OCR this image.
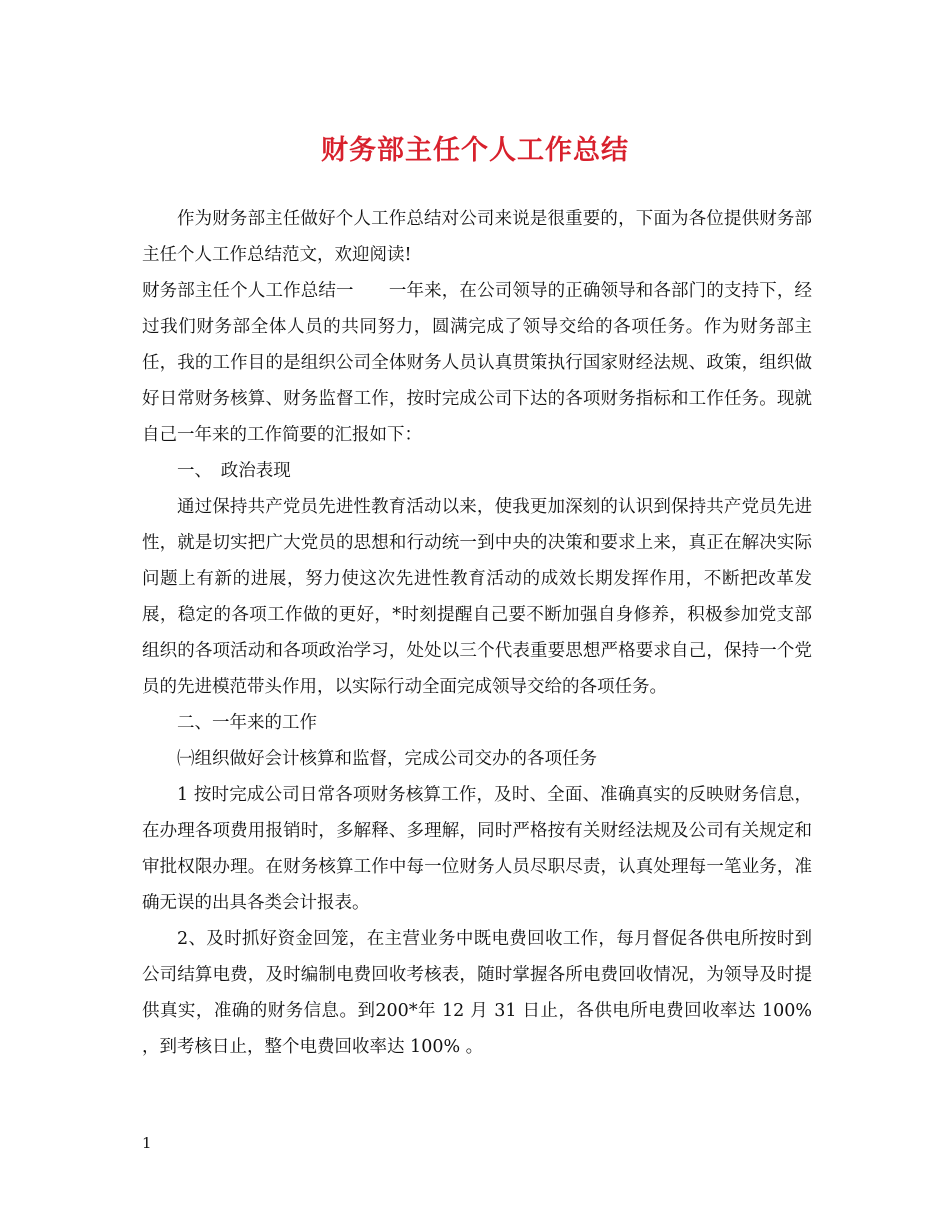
财务部主任个人工作总结

作为财务部主任做好个人工作总结对公司来说是很重要的，下面为各位提供财务部主任个人工作总结范文，欢迎阅读!

财务部主任个人工作总结一　　一年来，在公司领导的正确领导和各部门的支持下，经过我们财务部全体人员的共同努力，圆满完成了领导交给的各项任务。作为财务部主任，我的工作目的是组织公司全体财务人员认真贯策执行国家财经法规、政策，组织做好日常财务核算、财务监督工作，按时完成公司下达的各项财务指标和工作任务。现就自己一年来的工作简要的汇报如下：

一、　政治表现

通过保持共产党员先进性教育活动以来，使我更加深刻的认识到保持共产党员先进性，就是切实把广大党员的思想和行动统一到中央的决策和要求上来，真正在解决实际问题上有新的进展，努力使这次先进性教育活动的成效长期发挥作用，不断把改革发展，稳定的各项工作做的更好，*时刻提醒自己要不断加强自身修养，积极参加党支部组织的各项活动和各项政治学习，处处以三个代表重要思想严格要求自己，保持一个党员的先进模范带头作用，以实际行动全面完成领导交给的各项任务。

二、一年来的工作

㈠组织做好会计核算和监督，完成公司交办的各项任务

1 按时完成公司日常各项财务核算工作，及时、全面、准确真实的反映财务信息，在办理各项费用报销时，多解释、多理解，同时严格按有关财经法规及公司有关规定和审批权限办理。在财务核算工作中每一位财务人员尽职尽责，认真处理每一笔业务，准确无误的出具各类会计报表。

2、及时抓好资金回笼，在主营业务中既电费回收工作，每月督促各供电所按时到公司结算电费，及时编制电费回收考核表，随时掌握各所电费回收情况，为领导及时提供真实，准确的财务信息。到200*年 12 月 31 日止，各供电所电费回收率达 100% ，到考核日止，整个电费回收率达 100% 。

1
